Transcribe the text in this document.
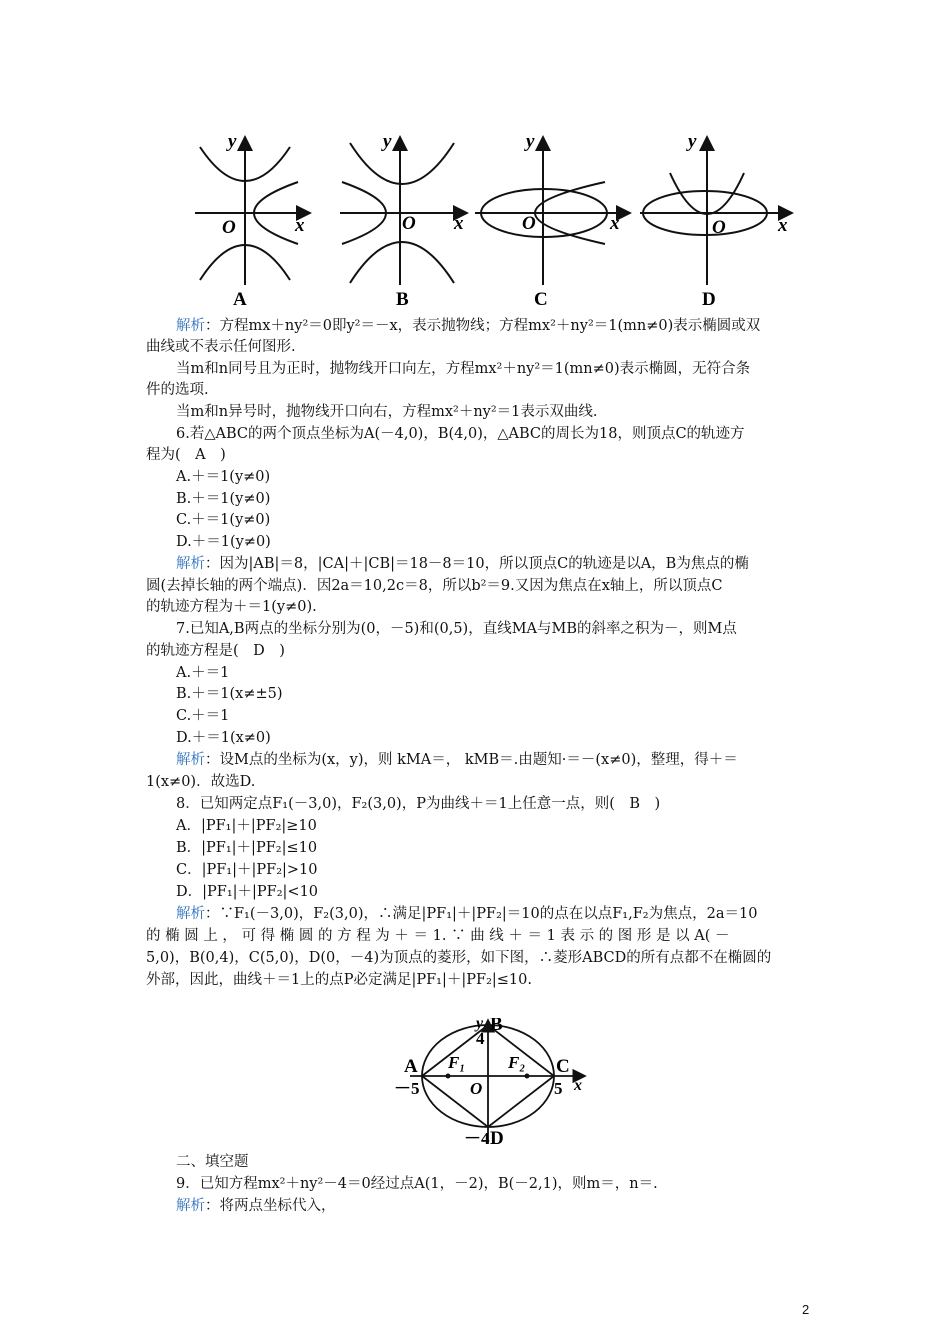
y
x
O
A
y
x
O
B
y
x
O
C
y
x
O
D
解析：方程mx＋ny²＝0即y²＝－x，表示抛物线；方程mx²＋ny²＝1(mn≠0)表示椭圆或双
曲线或不表示任何图形.
当m和n同号且为正时，抛物线开口向左，方程mx²＋ny²＝1(mn≠0)表示椭圆，无符合条
件的选项.
当m和n异号时，抛物线开口向右，方程mx²＋ny²＝1表示双曲线.
6.若△ABC的两个顶点坐标为A(－4,0)，B(4,0)，△ABC的周长为18，则顶点C的轨迹方
程为(　A　)
A.＋＝1(y≠0)
B.＋＝1(y≠0)
C.＋＝1(y≠0)
D.＋＝1(y≠0)
解析：因为|AB|＝8，|CA|＋|CB|＝18－8＝10，所以顶点C的轨迹是以A，B为焦点的椭
圆(去掉长轴的两个端点)．因2a＝10,2c＝8，所以b²＝9.又因为焦点在x轴上，所以顶点C
的轨迹方程为＋＝1(y≠0).
7.已知A,B两点的坐标分别为(0，－5)和(0,5)，直线MA与MB的斜率之积为－，则M点
的轨迹方程是(　D　)
A.＋＝1
B.＋＝1(x≠±5)
C.＋＝1
D.＋＝1(x≠0)
解析：设M点的坐标为(x，y)，则 kMA＝， kMB＝.由题知·＝－(x≠0)，整理，得＋＝
1(x≠0)．故选D.
8．已知两定点F₁(－3,0)，F₂(3,0)，P为曲线＋＝1上任意一点，则(　B　)
A．|PF₁|＋|PF₂|≥10
B．|PF₁|＋|PF₂|≤10
C．|PF₁|＋|PF₂|>10
D．|PF₁|＋|PF₂|<10
解析：∵F₁(－3,0)，F₂(3,0)，∴满足|PF₁|＋|PF₂|＝10的点在以点F₁,F₂为焦点，2a＝10
的 椭 圆 上 ， 可 得 椭 圆 的 方 程 为 ＋ ＝ 1. ∵ 曲 线 ＋ ＝ 1 表 示 的 图 形 是 以 A( －
5,0)，B(0,4)，C(5,0)，D(0，－4)为顶点的菱形，如下图，∴菱形ABCD的所有点都不在椭圆的
外部，因此，曲线＋＝1上的点P必定满足|PF₁|＋|PF₂|≤10.
A
B
C
D
F₁	F₂
O	x
y
－5	5
4
－4
二、填空题
9．已知方程mx²＋ny²－4＝0经过点A(1，－2)，B(－2,1)，则m＝，n＝.
解析：将两点坐标代入，
2
